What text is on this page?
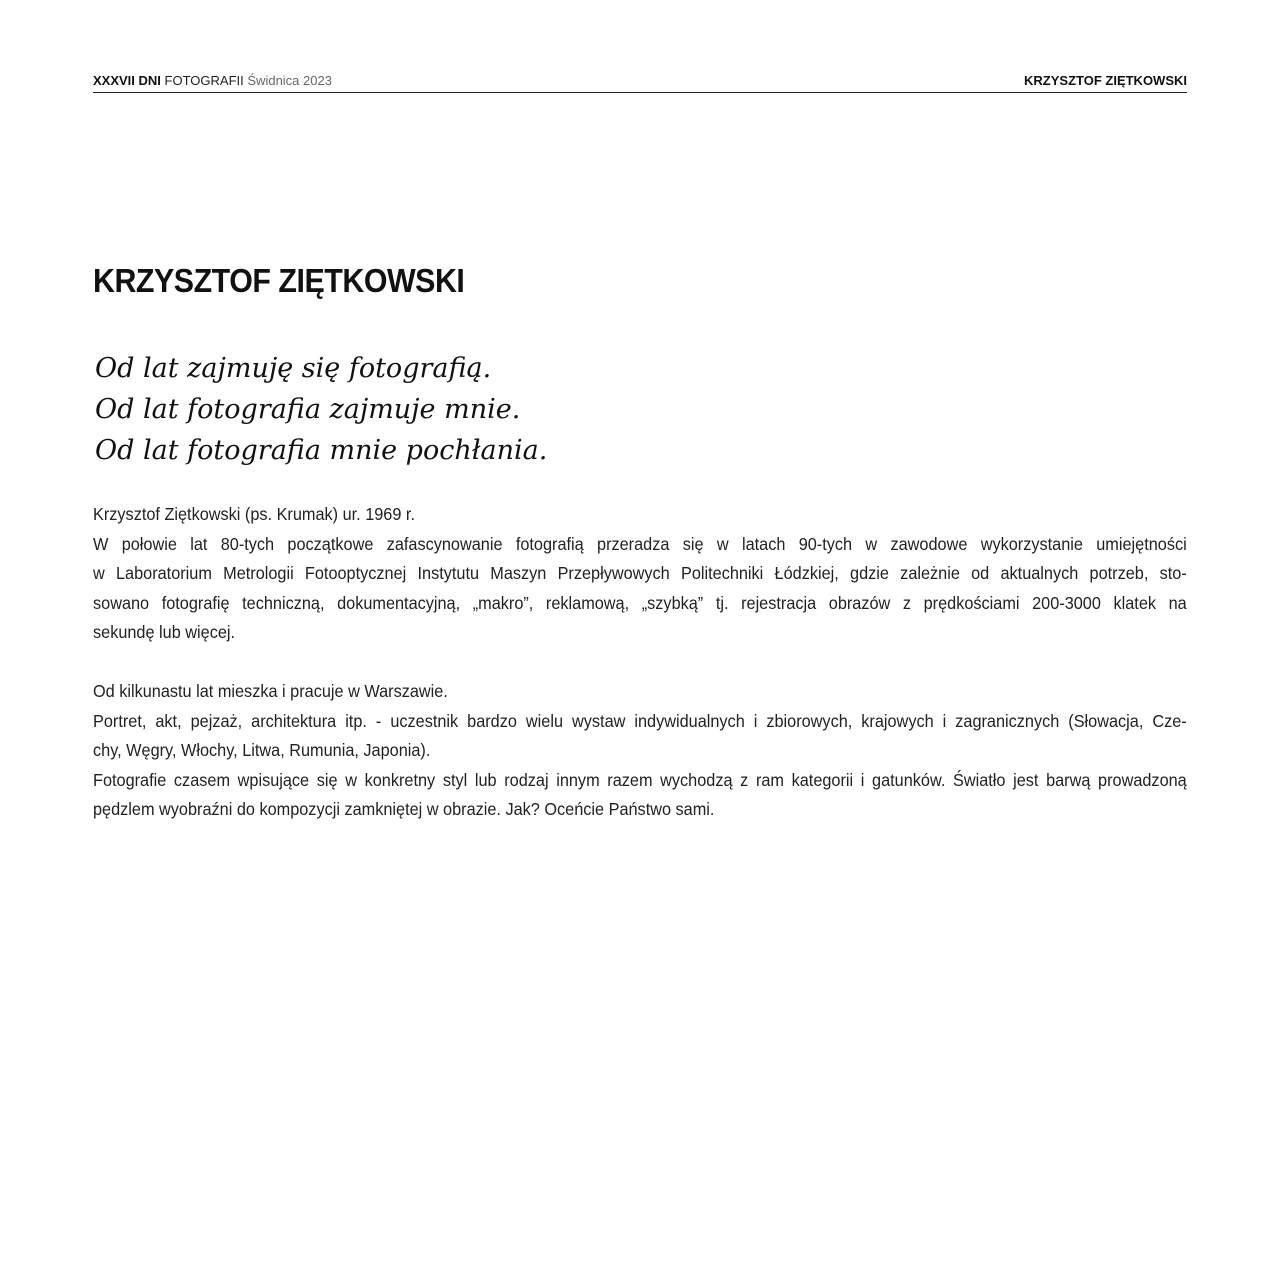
XXXVII DNI FOTOGRAFII Świdnica 2023	KRZYSZTOF ZIĘTKOWSKI
KRZYSZTOF ZIĘTKOWSKI
Od lat zajmuję się fotografią.
Od lat fotografia zajmuje mnie.
Od lat fotografia mnie pochłania.
Krzysztof Ziętkowski (ps. Krumak) ur. 1969 r.
W połowie lat 80-tych początkowe zafascynowanie fotografią przeradza się w latach 90-tych w zawodowe wykorzystanie umiejętności
w Laboratorium Metrologii Fotooptycznej Instytutu Maszyn Przepływowych Politechniki Łódzkiej, gdzie zależnie od aktualnych potrzeb, sto-
sowano fotografię techniczną, dokumentacyjną, „makro”, reklamową, „szybką” tj. rejestracja obrazów z prędkościami 200-3000 klatek na
sekundę lub więcej.
Od kilkunastu lat mieszka i pracuje w Warszawie.
Portret, akt, pejzaż, architektura itp. - uczestnik bardzo wielu wystaw indywidualnych i zbiorowych, krajowych i zagranicznych (Słowacja, Cze-
chy, Węgry, Włochy, Litwa, Rumunia, Japonia).
Fotografie czasem wpisujące się w konkretny styl lub rodzaj innym razem wychodzą z ram kategorii i gatunków. Światło jest barwą prowadzoną
pędzlem wyobraźni do kompozycji zamkniętej w obrazie. Jak? Oceńcie Państwo sami.
